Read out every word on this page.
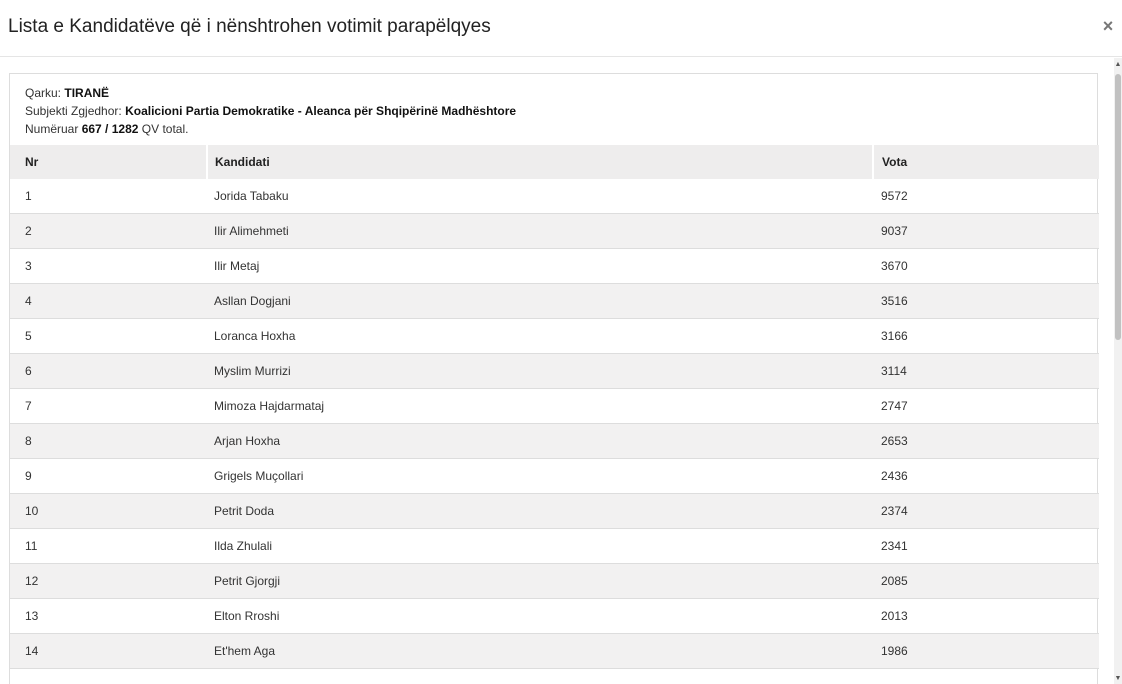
Lista e Kandidatëve që i nënshtrohen votimit parapëlqyes	×
Qarku: TIRANË
Subjekti Zgjedhor: Koalicioni Partia Demokratike - Aleanca për Shqipërinë Madhështore
Numëruar 667 / 1282 QV total.
Nr	Kandidati	Vota
1	Jorida Tabaku	9572
2	Ilir Alimehmeti	9037
3	Ilir Metaj	3670
4	Asllan Dogjani	3516
5	Loranca Hoxha	3166
6	Myslim Murrizi	3114
7	Mimoza Hajdarmataj	2747
8	Arjan Hoxha	2653
9	Grigels Muçollari	2436
10	Petrit Doda	2374
11	Ilda Zhulali	2341
12	Petrit Gjorgji	2085
13	Elton Rroshi	2013
14	Et'hem Aga	1986
▲
▼
